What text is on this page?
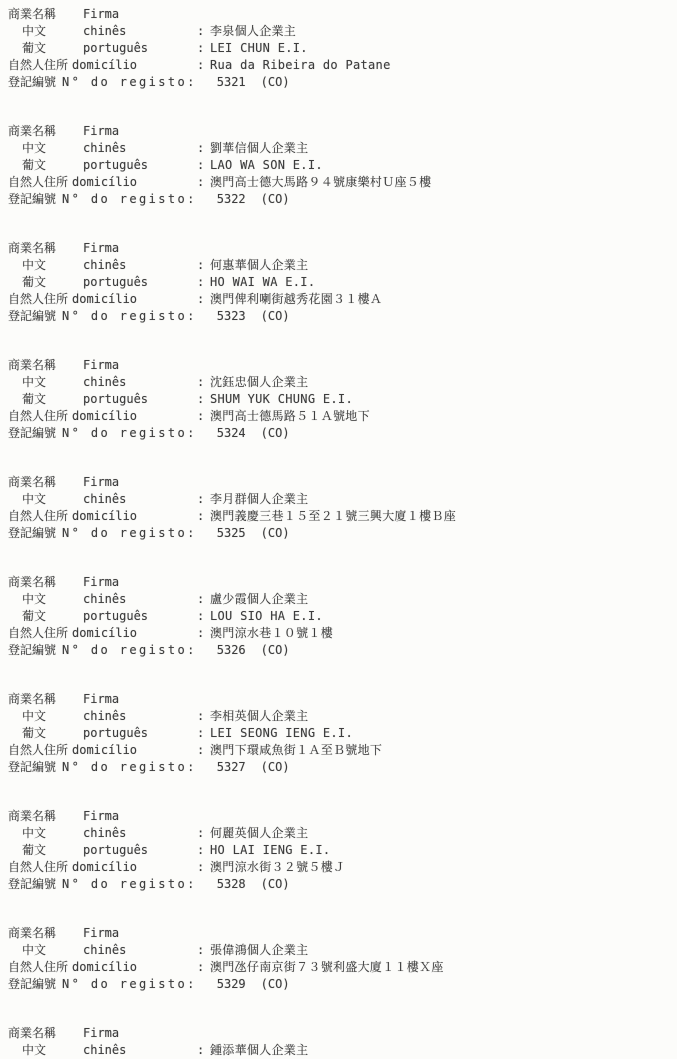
商業名稱	Firma
中文	chinês	: 李泉個人企業主
葡文	português	: LEI CHUN E.I.
自然人住所 domicílio	: Rua da Ribeira do Patane
登記編號 N° do registo: 5321 (CO)
商業名稱	Firma
中文	chinês	: 劉華信個人企業主
葡文	português	: LAO WA SON E.I.
自然人住所 domicílio	: 澳門高士德大馬路９４號康樂村Ｕ座５樓
登記編號 N° do registo: 5322 (CO)
商業名稱	Firma
中文	chinês	: 何惠華個人企業主
葡文	português	: HO WAI WA E.I.
自然人住所 domicílio	: 澳門俾利喇街越秀花園３１樓Ａ
登記編號 N° do registo: 5323 (CO)
商業名稱	Firma
中文	chinês	: 沈鈺忠個人企業主
葡文	português	: SHUM YUK CHUNG E.I.
自然人住所 domicílio	: 澳門高士德馬路５１Ａ號地下
登記編號 N° do registo: 5324 (CO)
商業名稱	Firma
中文	chinês	: 李月群個人企業主
自然人住所 domicílio	: 澳門義慶三巷１５至２１號三興大廈１樓Ｂ座
登記編號 N° do registo: 5325 (CO)
商業名稱	Firma
中文	chinês	: 盧少霞個人企業主
葡文	português	: LOU SIO HA E.I.
自然人住所 domicílio	: 澳門涼水巷１０號１樓
登記編號 N° do registo: 5326 (CO)
商業名稱	Firma
中文	chinês	: 李相英個人企業主
葡文	português	: LEI SEONG IENG E.I.
自然人住所 domicílio	: 澳門下環咸魚街１Ａ至Ｂ號地下
登記編號 N° do registo: 5327 (CO)
商業名稱	Firma
中文	chinês	: 何麗英個人企業主
葡文	português	: HO LAI IENG E.I.
自然人住所 domicílio	: 澳門涼水街３２號５樓Ｊ
登記編號 N° do registo: 5328 (CO)
商業名稱	Firma
中文	chinês	: 張偉鴻個人企業主
自然人住所 domicílio	: 澳門氹仔南京街７３號利盛大廈１１樓Ｘ座
登記編號 N° do registo: 5329 (CO)
商業名稱	Firma
中文	chinês	: 鍾添華個人企業主
